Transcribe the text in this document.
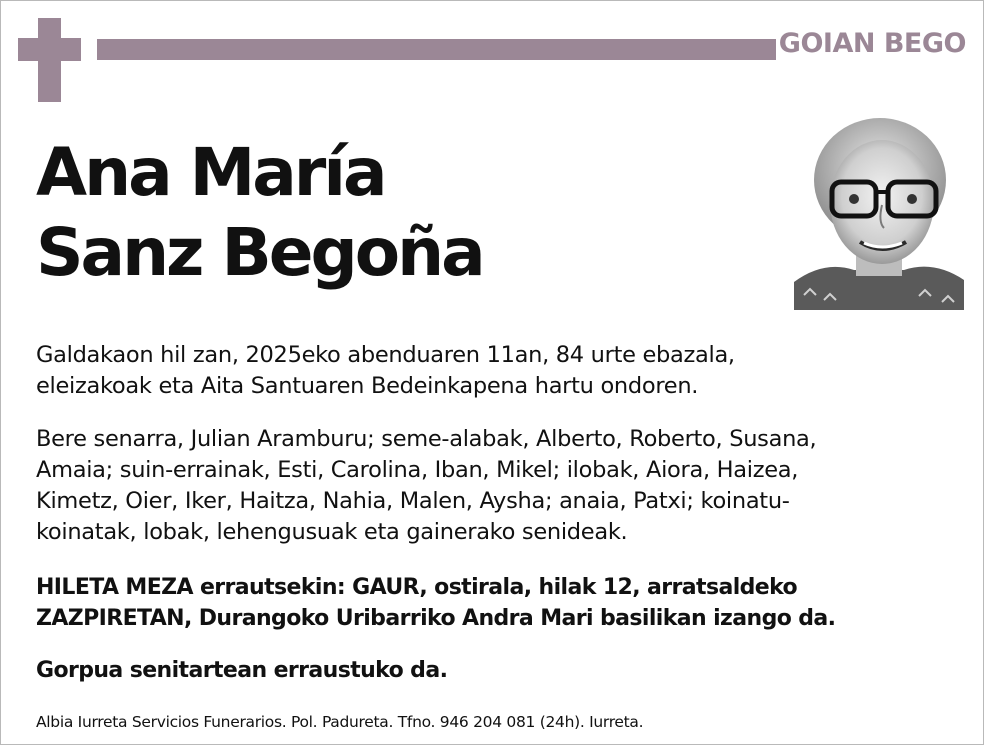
GOIAN BEGO
Ana María
Sanz Begoña
Galdakaon hil zan, 2025eko abenduaren 11an, 84 urte ebazala,
eleizakoak eta Aita Santuaren Bedeinkapena hartu ondoren.
Bere senarra, Julian Aramburu; seme-alabak, Alberto, Roberto, Susana,
Amaia; suin-errainak, Esti, Carolina, Iban, Mikel; ilobak, Aiora, Haizea,
Kimetz, Oier, Iker, Haitza, Nahia, Malen, Aysha; anaia, Patxi; koinatu-
koinatak, lobak, lehengusuak eta gainerako senideak.
HILETA MEZA errautsekin: GAUR, ostirala, hilak 12, arratsaldeko
ZAZPIRETAN, Durangoko Uribarriko Andra Mari basilikan izango da.
Gorpua senitartean erraustuko da.
Albia Iurreta Servicios Funerarios. Pol. Padureta. Tfno. 946 204 081 (24h). Iurreta.
